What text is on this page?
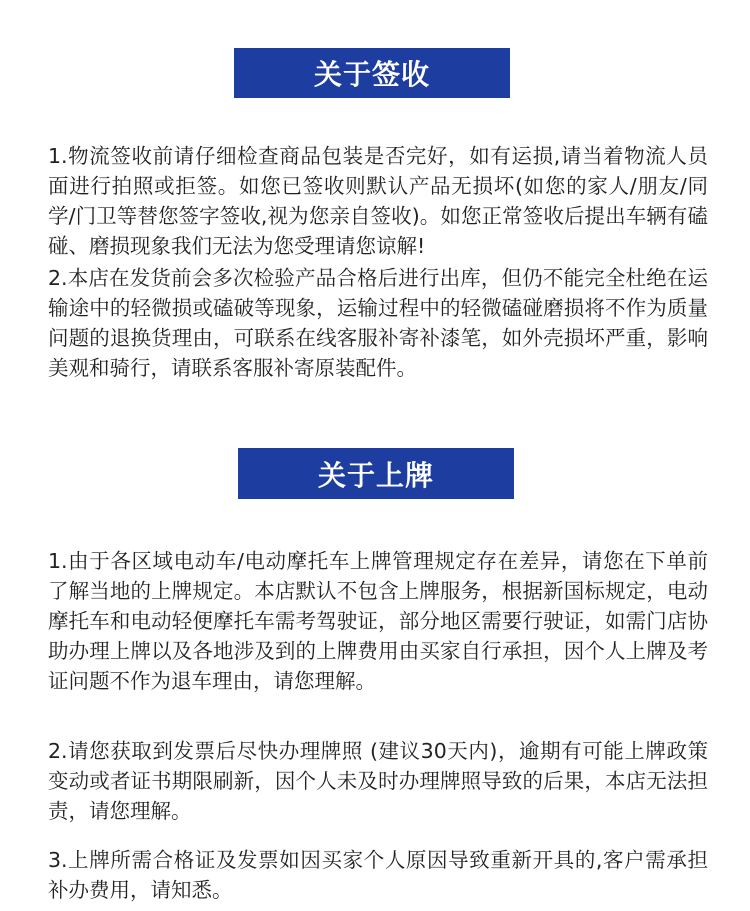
关于签收

1.物流签收前请仔细检查商品包装是否完好，如有运损,请当着物流人员面进行拍照或拒签。如您已签收则默认产品无损坏(如您的家人/朋友/同学/门卫等替您签字签收,视为您亲自签收)。如您正常签收后提出车辆有磕碰、磨损现象我们无法为您受理请您谅解!

2.本店在发货前会多次检验产品合格后进行出库，但仍不能完全杜绝在运输途中的轻微损或磕破等现象，运输过程中的轻微磕碰磨损将不作为质量问题的退换货理由，可联系在线客服补寄补漆笔，如外壳损坏严重，影响美观和骑行，请联系客服补寄原装配件。

关于上牌

1.由于各区域电动车/电动摩托车上牌管理规定存在差异，请您在下单前了解当地的上牌规定。本店默认不包含上牌服务，根据新国标规定，电动摩托车和电动轻便摩托车需考驾驶证，部分地区需要行驶证，如需门店协助办理上牌以及各地涉及到的上牌费用由买家自行承担，因个人上牌及考证问题不作为退车理由，请您理解。

2.请您获取到发票后尽快办理牌照 (建议30天内)，逾期有可能上牌政策变动或者证书期限刷新，因个人未及时办理牌照导致的后果，本店无法担责，请您理解。

3.上牌所需合格证及发票如因买家个人原因导致重新开具的,客户需承担补办费用，请知悉。
